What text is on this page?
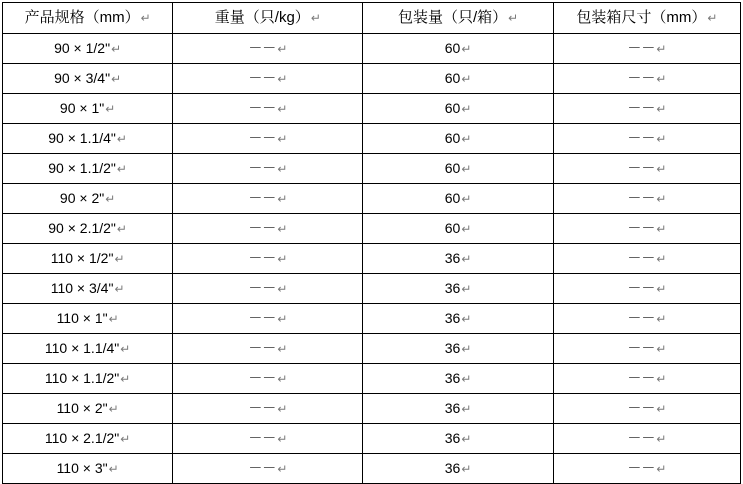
产品规格（mm）↵	重量（只/kg）↵	包装量（只/箱）↵	包装箱尺寸（mm）↵
90 × 1/2"↵	－－↵	60↵	－－↵
90 × 3/4"↵	－－↵	60↵	－－↵
90 × 1"↵	－－↵	60↵	－－↵
90 × 1.1/4"↵	－－↵	60↵	－－↵
90 × 1.1/2"↵	－－↵	60↵	－－↵
90 × 2"↵	－－↵	60↵	－－↵
90 × 2.1/2"↵	－－↵	60↵	－－↵
110 × 1/2"↵	－－↵	36↵	－－↵
110 × 3/4"↵	－－↵	36↵	－－↵
110 × 1"↵	－－↵	36↵	－－↵
110 × 1.1/4"↵	－－↵	36↵	－－↵
110 × 1.1/2"↵	－－↵	36↵	－－↵
110 × 2"↵	－－↵	36↵	－－↵
110 × 2.1/2"↵	－－↵	36↵	－－↵
110 × 3"↵	－－↵	36↵	－－↵
